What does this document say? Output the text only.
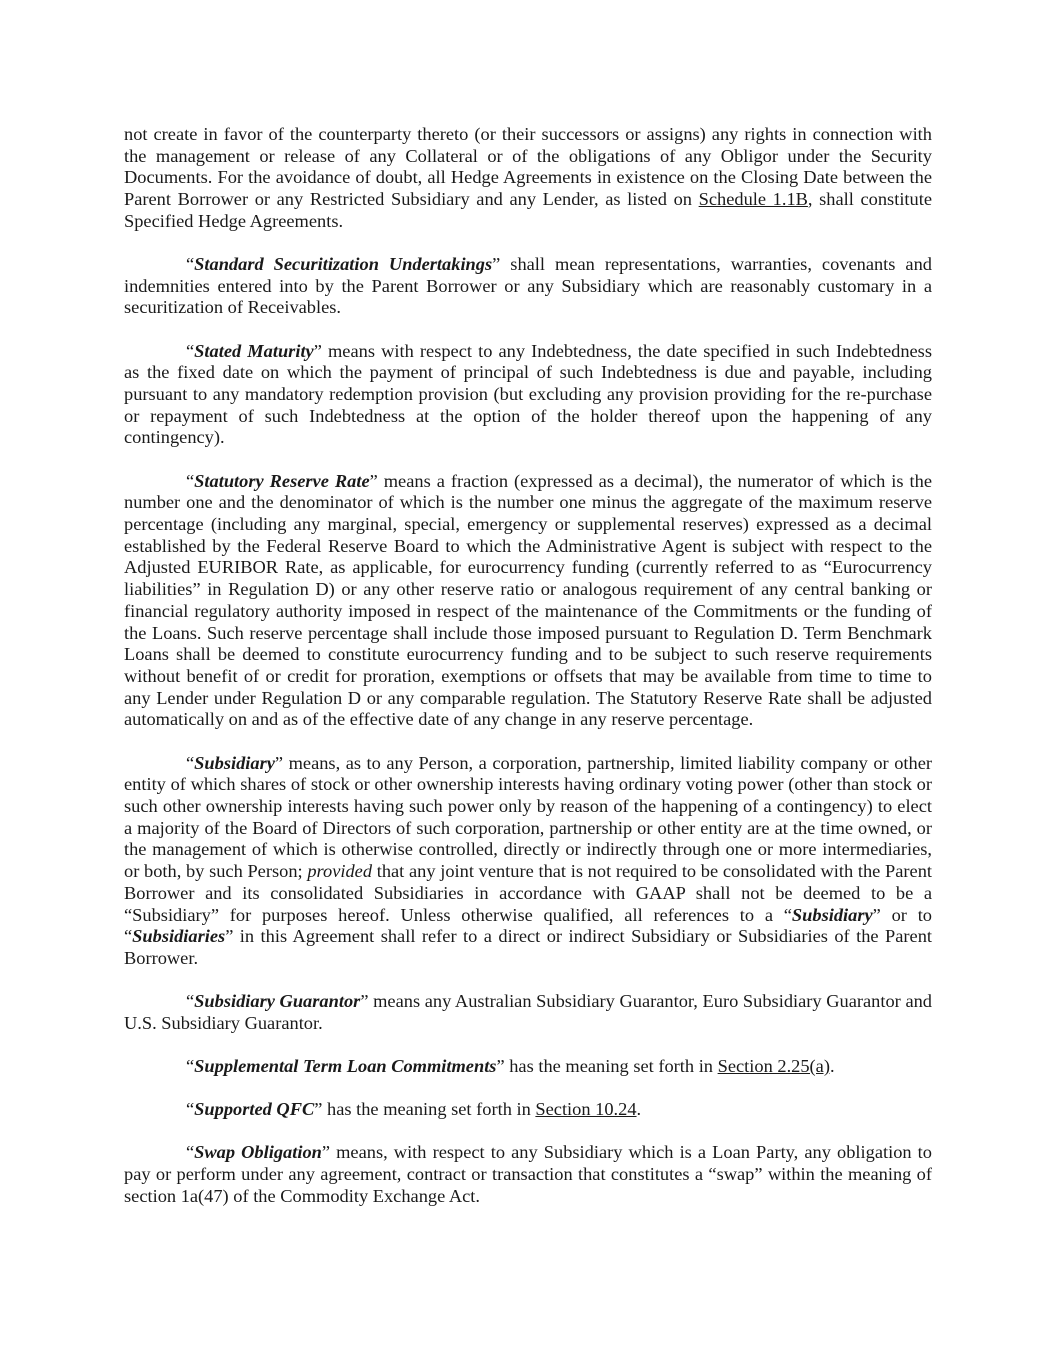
not create in favor of the counterparty thereto (or their successors or assigns) any rights in connection with the management or release of any Collateral or of the obligations of any Obligor under the Security Documents. For the avoidance of doubt, all Hedge Agreements in existence on the Closing Date between the Parent Borrower or any Restricted Subsidiary and any Lender, as listed on Schedule 1.1B, shall constitute Specified Hedge Agreements.

“Standard Securitization Undertakings” shall mean representations, warranties, covenants and indemnities entered into by the Parent Borrower or any Subsidiary which are reasonably customary in a securitization of Receivables.

“Stated Maturity” means with respect to any Indebtedness, the date specified in such Indebtedness as the fixed date on which the payment of principal of such Indebtedness is due and payable, including pursuant to any mandatory redemption provision (but excluding any provision providing for the re-purchase or repayment of such Indebtedness at the option of the holder thereof upon the happening of any contingency).

“Statutory Reserve Rate” means a fraction (expressed as a decimal), the numerator of which is the number one and the denominator of which is the number one minus the aggregate of the maximum reserve percentage (including any marginal, special, emergency or supplemental reserves) expressed as a decimal established by the Federal Reserve Board to which the Administrative Agent is subject with respect to the Adjusted EURIBOR Rate, as applicable, for eurocurrency funding (currently referred to as “Eurocurrency liabilities” in Regulation D) or any other reserve ratio or analogous requirement of any central banking or financial regulatory authority imposed in respect of the maintenance of the Commitments or the funding of the Loans. Such reserve percentage shall include those imposed pursuant to Regulation D. Term Benchmark Loans shall be deemed to constitute eurocurrency funding and to be subject to such reserve requirements without benefit of or credit for proration, exemptions or offsets that may be available from time to time to any Lender under Regulation D or any comparable regulation. The Statutory Reserve Rate shall be adjusted automatically on and as of the effective date of any change in any reserve percentage.

“Subsidiary” means, as to any Person, a corporation, partnership, limited liability company or other entity of which shares of stock or other ownership interests having ordinary voting power (other than stock or such other ownership interests having such power only by reason of the happening of a contingency) to elect a majority of the Board of Directors of such corporation, partnership or other entity are at the time owned, or the management of which is otherwise controlled, directly or indirectly through one or more intermediaries, or both, by such Person; provided that any joint venture that is not required to be consolidated with the Parent Borrower and its consolidated Subsidiaries in accordance with GAAP shall not be deemed to be a “Subsidiary” for purposes hereof. Unless otherwise qualified, all references to a “Subsidiary” or to “Subsidiaries” in this Agreement shall refer to a direct or indirect Subsidiary or Subsidiaries of the Parent Borrower.

“Subsidiary Guarantor” means any Australian Subsidiary Guarantor, Euro Subsidiary Guarantor and U.S. Subsidiary Guarantor.

“Supplemental Term Loan Commitments” has the meaning set forth in Section 2.25(a).

“Supported QFC” has the meaning set forth in Section 10.24.

“Swap Obligation” means, with respect to any Subsidiary which is a Loan Party, any obligation to pay or perform under any agreement, contract or transaction that constitutes a “swap” within the meaning of section 1a(47) of the Commodity Exchange Act.
